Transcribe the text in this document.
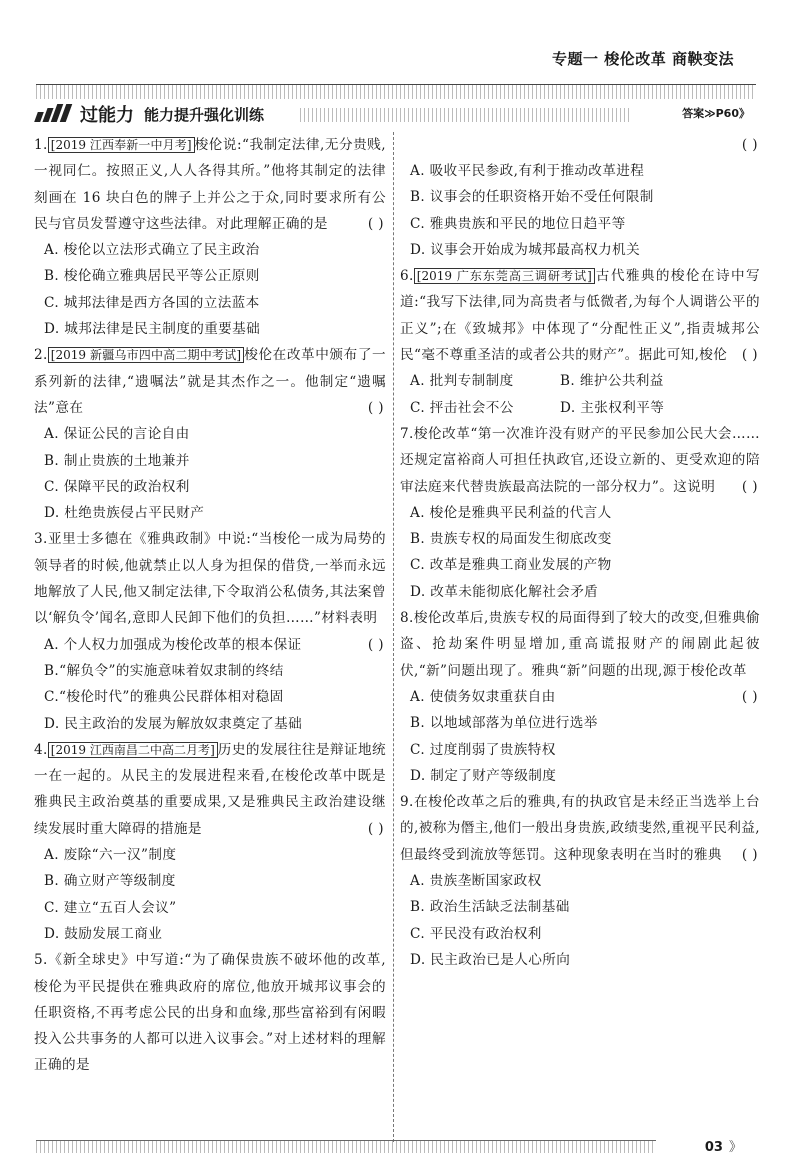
专题一 梭伦改革 商鞅变法
过能力 能力提升强化训练	答案≫P60》
1. [2019 江西奉新一中月考] 梭伦说:“我制定法律,无分贵贱,一视同仁。按照正义,人人各得其所。”他将其制定的法律刻画在 16 块白色的牌子上并公之于众,同时要求所有公民与官员发誓遵守这些法律。对此理解正确的是	( )
A. 梭伦以立法形式确立了民主政治
B. 梭伦确立雅典居民平等公正原则
C. 城邦法律是西方各国的立法蓝本
D. 城邦法律是民主制度的重要基础
2. [2019 新疆乌市四中高二期中考试] 梭伦在改革中颁布了一系列新的法律,“遗嘱法”就是其杰作之一。他制定“遗嘱法”意在	( )
A. 保证公民的言论自由
B. 制止贵族的土地兼并
C. 保障平民的政治权利
D. 杜绝贵族侵占平民财产
3.亚里士多德在《雅典政制》中说:“当梭伦一成为局势的领导者的时候,他就禁止以人身为担保的借贷,一举而永远地解放了人民,他又制定法律,下令取消公私债务,其法案曾以‘解负令’闻名,意即人民卸下他们的负担……”材料表明
( )
A. 个人权力加强成为梭伦改革的根本保证
B.“解负令”的实施意味着奴隶制的终结
C.“梭伦时代”的雅典公民群体相对稳固
D. 民主政治的发展为解放奴隶奠定了基础
4. [2019 江西南昌二中高二月考] 历史的发展往往是辩证地统一在一起的。从民主的发展进程来看,在梭伦改革中既是雅典民主政治奠基的重要成果,又是雅典民主政治建设继续发展时重大障碍的措施是	( )
A. 废除“六一汉”制度
B. 确立财产等级制度
C. 建立“五百人会议”
D. 鼓励发展工商业
5.《新全球史》中写道:“为了确保贵族不破坏他的改革,梭伦为平民提供在雅典政府的席位,他放开城邦议事会的任职资格,不再考虑公民的出身和血缘,那些富裕到有闲暇投入公共事务的人都可以进入议事会。”对上述材料的理解正确的是
( )
A. 吸收平民参政,有利于推动改革进程
B. 议事会的任职资格开始不受任何限制
C. 雅典贵族和平民的地位日趋平等
D. 议事会开始成为城邦最高权力机关
6. [2019 广东东莞高三调研考试] 古代雅典的梭伦在诗中写道:“我写下法律,同为高贵者与低微者,为每个人调谐公平的正义”;在《致城邦》中体现了“分配性正义”,指责城邦公民“毫不尊重圣洁的或者公共的财产”。据此可知,梭伦 ( )
A. 批判专制制度	B. 维护公共利益
C. 抨击社会不公	D. 主张权利平等
7.梭伦改革“第一次准许没有财产的平民参加公民大会……还规定富裕商人可担任执政官,还设立新的、更受欢迎的陪审法庭来代替贵族最高法院的一部分权力”。这说明 ( )
A. 梭伦是雅典平民利益的代言人
B. 贵族专权的局面发生彻底改变
C. 改革是雅典工商业发展的产物
D. 改革未能彻底化解社会矛盾
8.梭伦改革后,贵族专权的局面得到了较大的改变,但雅典偷盗、抢劫案件明显增加,重高谎报财产的闹剧此起彼伏,“新”问题出现了。雅典“新”问题的出现,源于梭伦改革
( )
A. 使债务奴隶重获自由
B. 以地域部落为单位进行选举
C. 过度削弱了贵族特权
D. 制定了财产等级制度
9.在梭伦改革之后的雅典,有的执政官是未经正当选举上台的,被称为僭主,他们一般出身贵族,政绩斐然,重视平民利益,但最终受到流放等惩罚。这种现象表明在当时的雅典 ( )
A. 贵族垄断国家政权
B. 政治生活缺乏法制基础
C. 平民没有政治权利
D. 民主政治已是人心所向
03 》
